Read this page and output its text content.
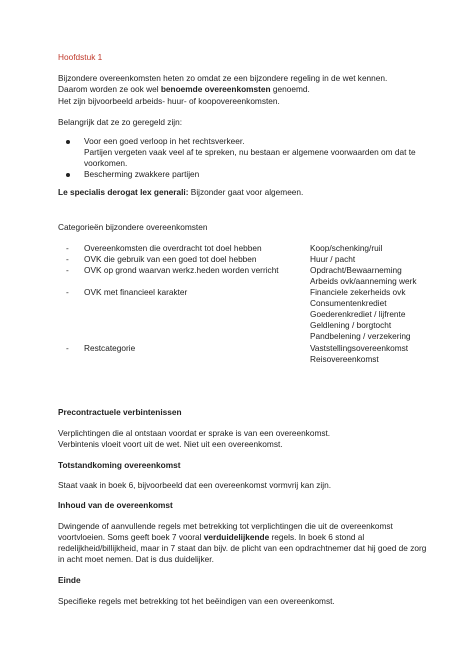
Hoofdstuk 1
Bijzondere overeenkomsten heten zo omdat ze een bijzondere regeling in de wet kennen.
Daarom worden ze ook wel benoemde overeenkomsten genoemd.
Het zijn bijvoorbeeld arbeids- huur- of koopovereenkomsten.
Belangrijk dat ze zo geregeld zijn:
Voor een goed verloop in het rechtsverkeer.
Partijen vergeten vaak veel af te spreken, nu bestaan er algemene voorwaarden om dat te
voorkomen.
Bescherming zwakkere partijen
Le specialis derogat lex generali: Bijzonder gaat voor algemeen.
Categorieën bijzondere overeenkomsten
- Overeenkomsten die overdracht tot doel hebben	Koop/schenking/ruil
- OVK die gebruik van een goed tot doel hebben	Huur / pacht
- OVK op grond waarvan werkz.heden worden verricht	Opdracht/Bewaarneming
Arbeids ovk/aanneming werk
- OVK met financieel karakter	Financiele zekerheids ovk
Consumentenkrediet
Goederenkrediet / lijfrente
Geldlening / borgtocht
Pandbelening / verzekering
- Restcategorie	Vaststellingsovereenkomst
Reisovereenkomst
Precontractuele verbintenissen
Verplichtingen die al ontstaan voordat er sprake is van een overeenkomst.
Verbintenis vloeit voort uit de wet. Niet uit een overeenkomst.
Totstandkoming overeenkomst
Staat vaak in boek 6, bijvoorbeeld dat een overeenkomst vormvrij kan zijn.
Inhoud van de overeenkomst
Dwingende of aanvullende regels met betrekking tot verplichtingen die uit de overeenkomst
voortvloeien. Soms geeft boek 7 vooral verduidelijkende regels. In boek 6 stond al
redelijkheid/billijkheid, maar in 7 staat dan bijv. de plicht van een opdrachtnemer dat hij goed de zorg
in acht moet nemen. Dat is dus duidelijker.
Einde
Specifieke regels met betrekking tot het beëindigen van een overeenkomst.
